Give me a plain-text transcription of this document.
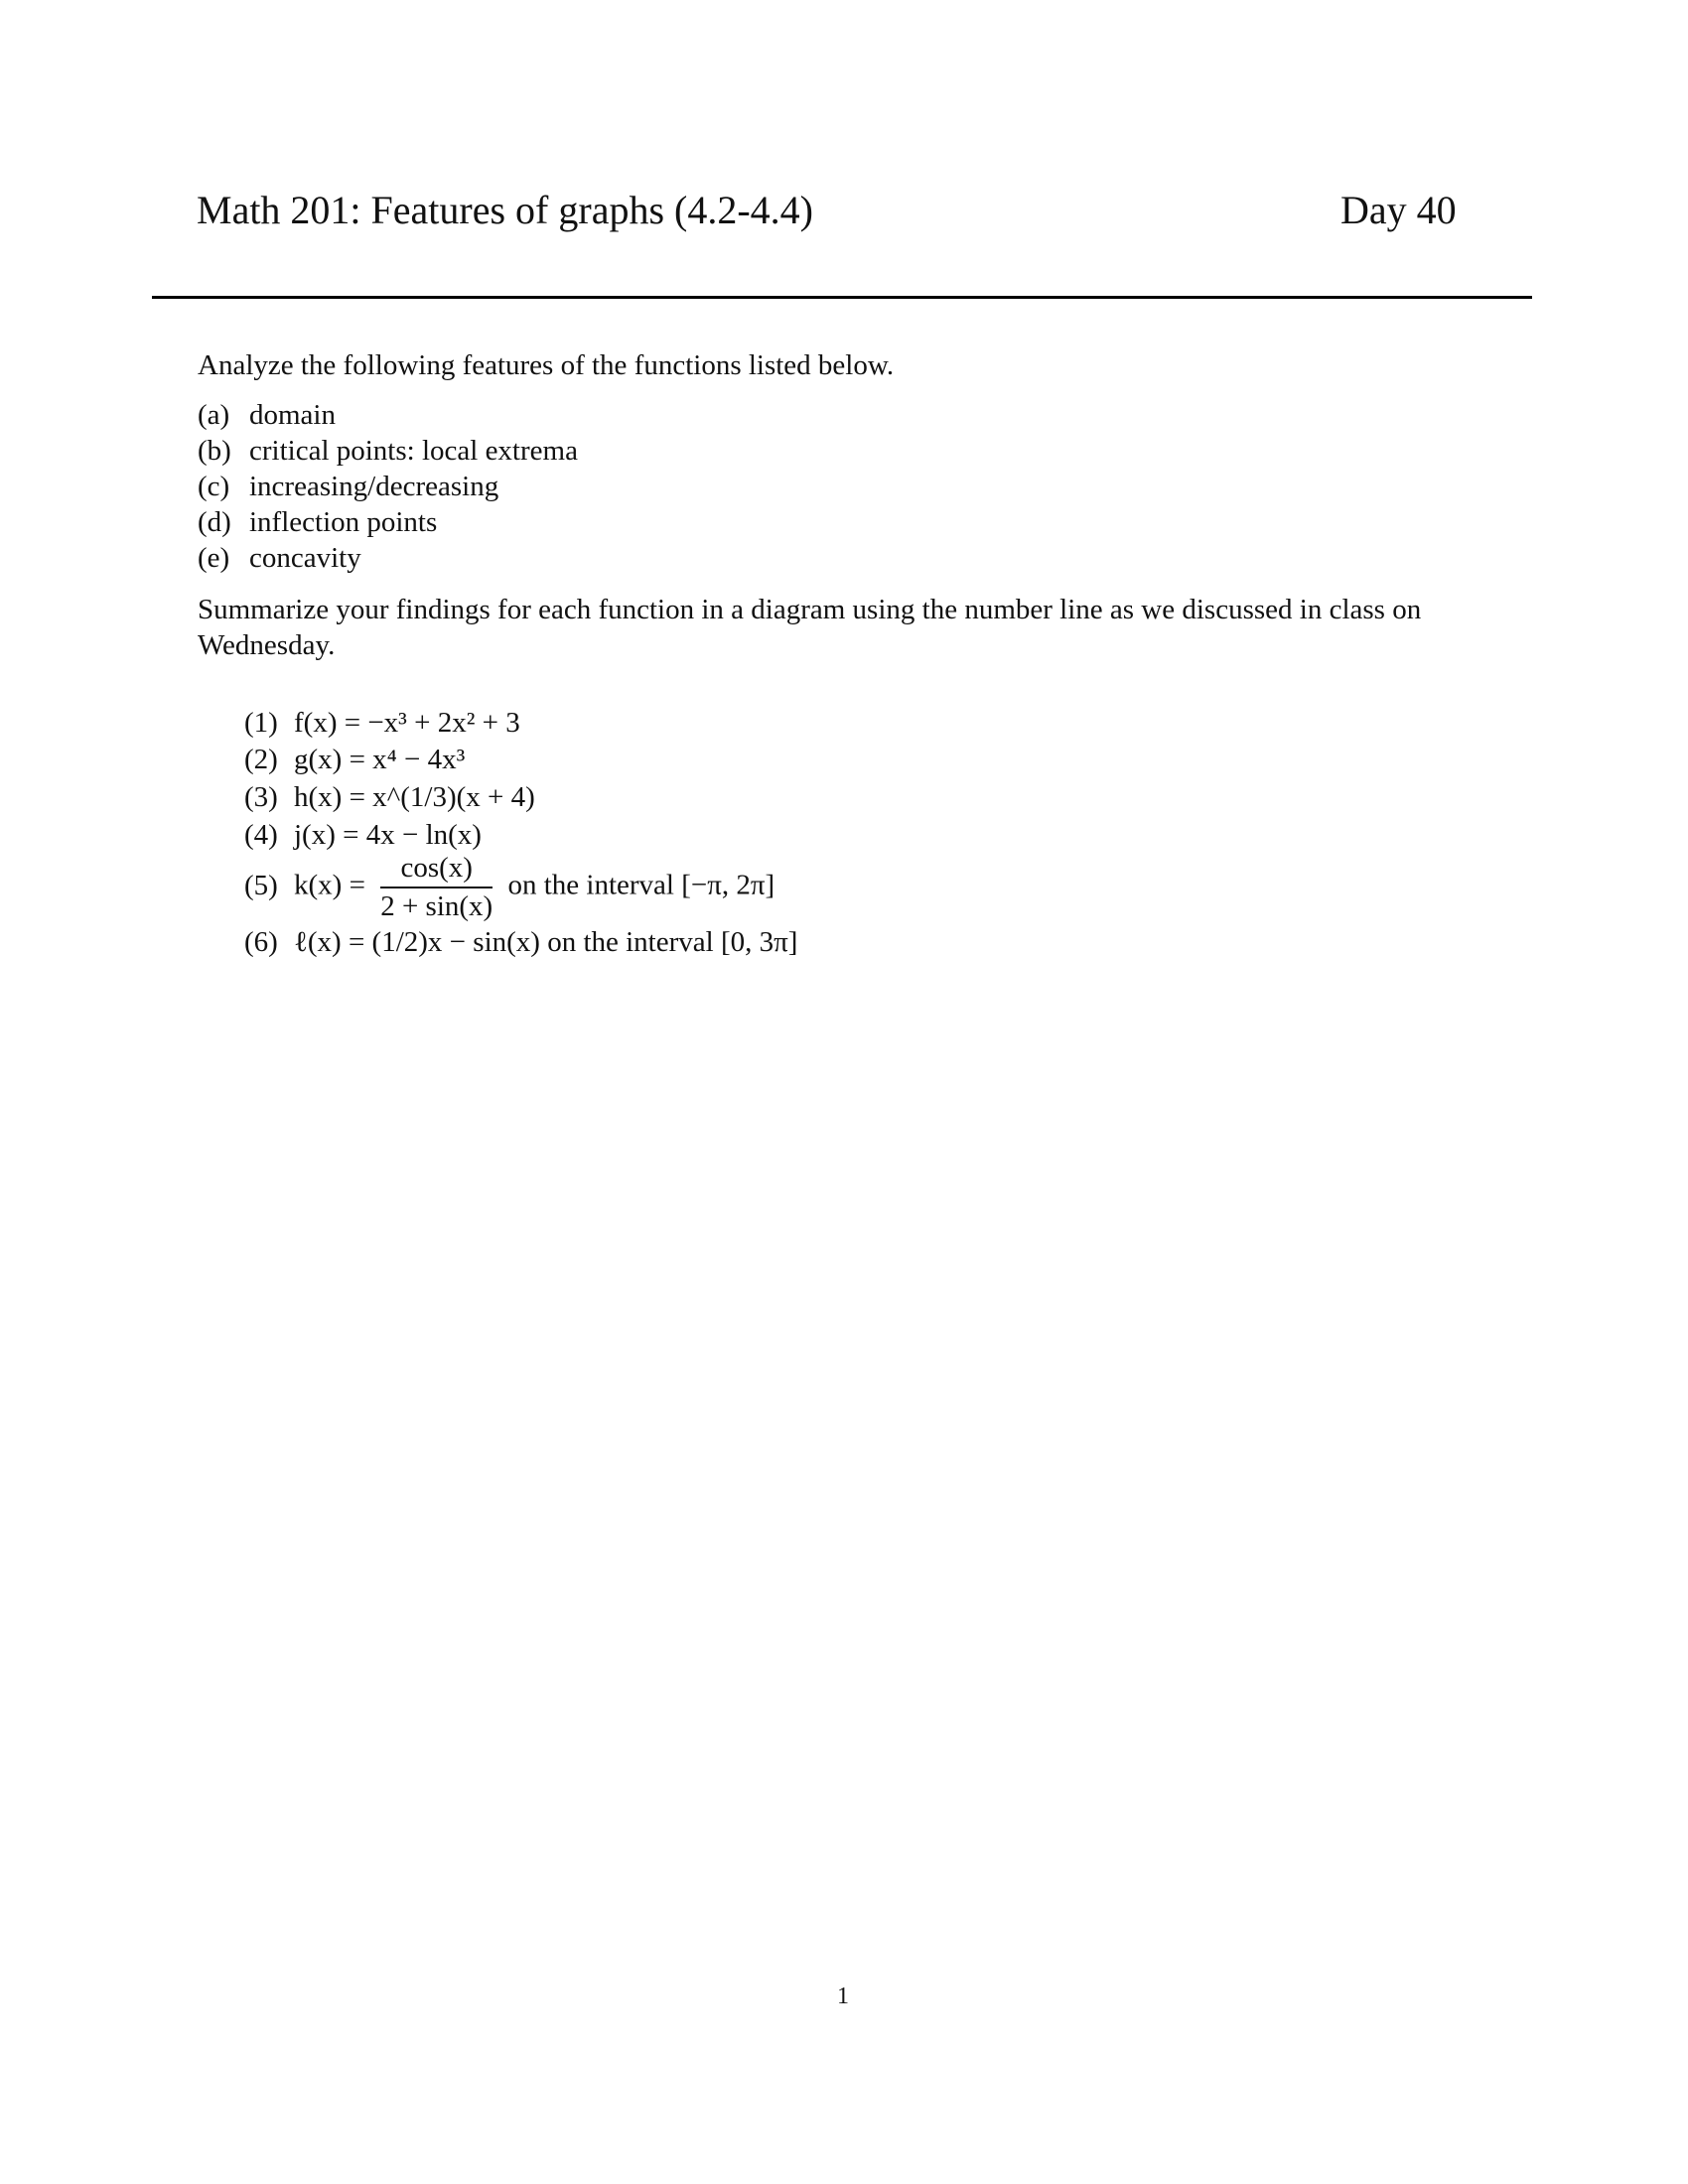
Math 201: Features of graphs (4.2-4.4)	Day 40
Analyze the following features of the functions listed below.
(a) domain
(b) critical points: local extrema
(c) increasing/decreasing
(d) inflection points
(e) concavity
Summarize your findings for each function in a diagram using the number line as we discussed in class on Wednesday.
(1) f(x) = −x³ + 2x² + 3
(2) g(x) = x⁴ − 4x³
(3) h(x) = x^(1/3)(x + 4)
(4) j(x) = 4x − ln(x)
(5) $k(x) = \frac{\cos(x)}{2 + \sin(x)}$ on the interval [−π, 2π]
(6) ℓ(x) = (1/2)x − sin(x) on the interval [0, 3π]
1
